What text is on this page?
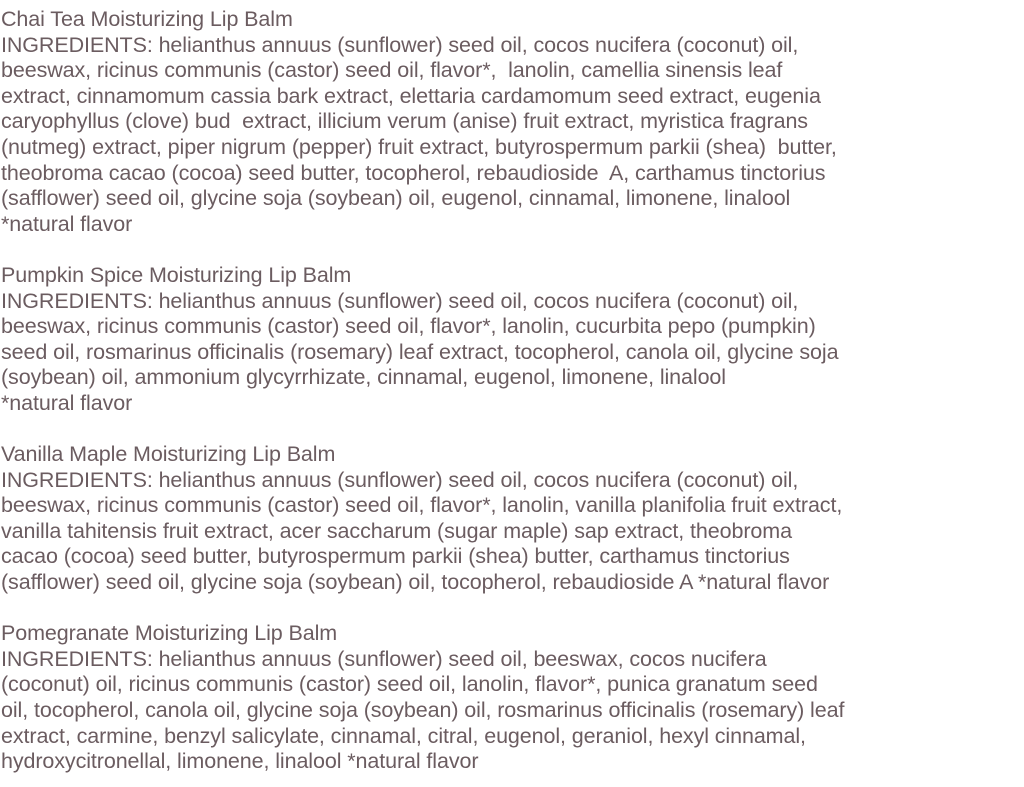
Chai Tea Moisturizing Lip Balm
INGREDIENTS: helianthus annuus (sunflower) seed oil, cocos nucifera (coconut) oil,
beeswax, ricinus communis (castor) seed oil, flavor*,  lanolin, camellia sinensis leaf
extract, cinnamomum cassia bark extract, elettaria cardamomum seed extract, eugenia
caryophyllus (clove) bud  extract, illicium verum (anise) fruit extract, myristica fragrans
(nutmeg) extract, piper nigrum (pepper) fruit extract, butyrospermum parkii (shea)  butter,
theobroma cacao (cocoa) seed butter, tocopherol, rebaudioside  A, carthamus tinctorius
(safflower) seed oil, glycine soja (soybean) oil, eugenol, cinnamal, limonene, linalool
*natural flavor
Pumpkin Spice Moisturizing Lip Balm
INGREDIENTS: helianthus annuus (sunflower) seed oil, cocos nucifera (coconut) oil,
beeswax, ricinus communis (castor) seed oil, flavor*, lanolin, cucurbita pepo (pumpkin)
seed oil, rosmarinus officinalis (rosemary) leaf extract, tocopherol, canola oil, glycine soja
(soybean) oil, ammonium glycyrrhizate, cinnamal, eugenol, limonene, linalool
*natural flavor
Vanilla Maple Moisturizing Lip Balm
INGREDIENTS: helianthus annuus (sunflower) seed oil, cocos nucifera (coconut) oil,
beeswax, ricinus communis (castor) seed oil, flavor*, lanolin, vanilla planifolia fruit extract,
vanilla tahitensis fruit extract, acer saccharum (sugar maple) sap extract, theobroma
cacao (cocoa) seed butter, butyrospermum parkii (shea) butter, carthamus tinctorius
(safflower) seed oil, glycine soja (soybean) oil, tocopherol, rebaudioside A *natural flavor
Pomegranate Moisturizing Lip Balm
INGREDIENTS: helianthus annuus (sunflower) seed oil, beeswax, cocos nucifera
(coconut) oil, ricinus communis (castor) seed oil, lanolin, flavor*, punica granatum seed
oil, tocopherol, canola oil, glycine soja (soybean) oil, rosmarinus officinalis (rosemary) leaf
extract, carmine, benzyl salicylate, cinnamal, citral, eugenol, geraniol, hexyl cinnamal,
hydroxycitronellal, limonene, linalool *natural flavor
